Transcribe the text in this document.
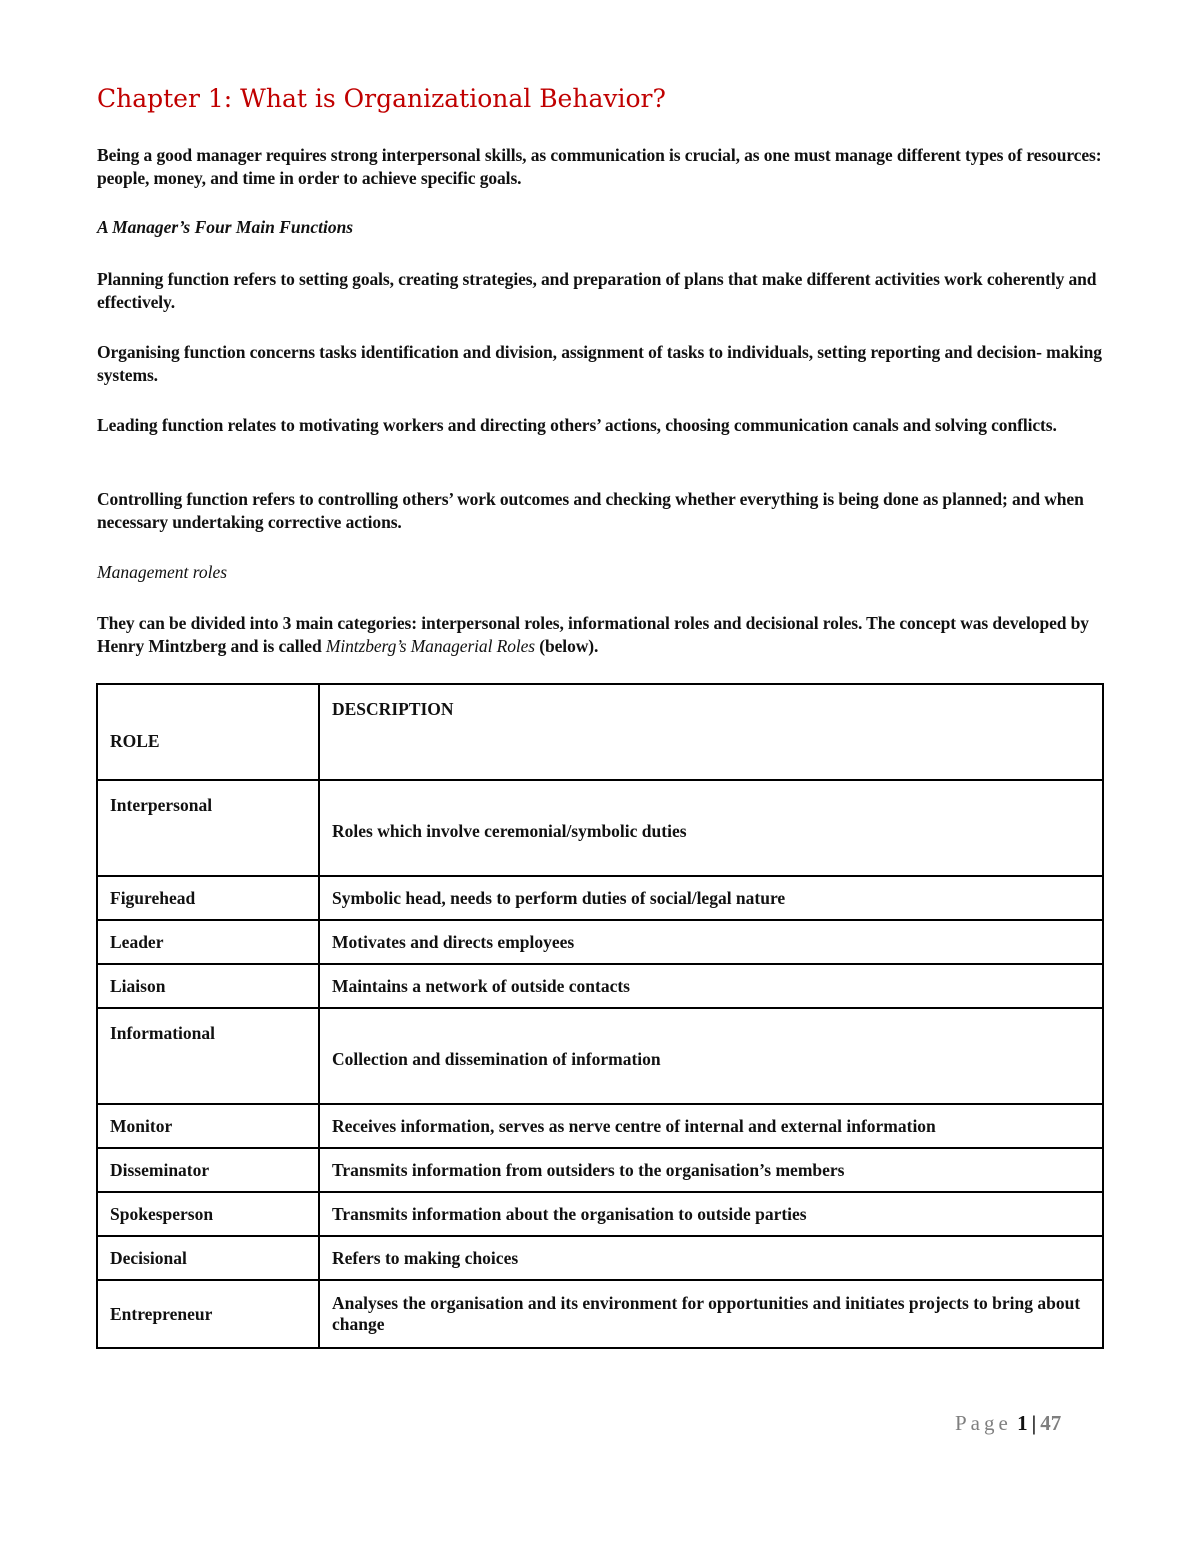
Chapter 1: What is Organizational Behavior?

Being a good manager requires strong interpersonal skills, as communication is crucial, as one must manage different types of resources: people, money, and time in order to achieve specific goals.

A Manager’s Four Main Functions

Planning function refers to setting goals, creating strategies, and preparation of plans that make different activities work coherently and effectively.

Organising function concerns tasks identification and division, assignment of tasks to individuals, setting reporting and decision- making systems.

Leading function relates to motivating workers and directing others’ actions, choosing communication canals and solving conflicts.

Controlling function refers to controlling others’ work outcomes and checking whether everything is being done as planned; and when necessary undertaking corrective actions.

Management roles

They can be divided into 3 main categories: interpersonal roles, informational roles and decisional roles. The concept was developed by Henry Mintzberg and is called Mintzberg’s Managerial Roles (below).

ROLE	DESCRIPTION
Interpersonal	Roles which involve ceremonial/symbolic duties
Figurehead	Symbolic head, needs to perform duties of social/legal nature
Leader	Motivates and directs employees
Liaison	Maintains a network of outside contacts
Informational	Collection and dissemination of information
Monitor	Receives information, serves as nerve centre of internal and external information
Disseminator	Transmits information from outsiders to the organisation’s members
Spokesperson	Transmits information about the organisation to outside parties
Decisional	Refers to making choices
Entrepreneur	Analyses the organisation and its environment for opportunities and initiates projects to bring about change
Page 1 | 47
